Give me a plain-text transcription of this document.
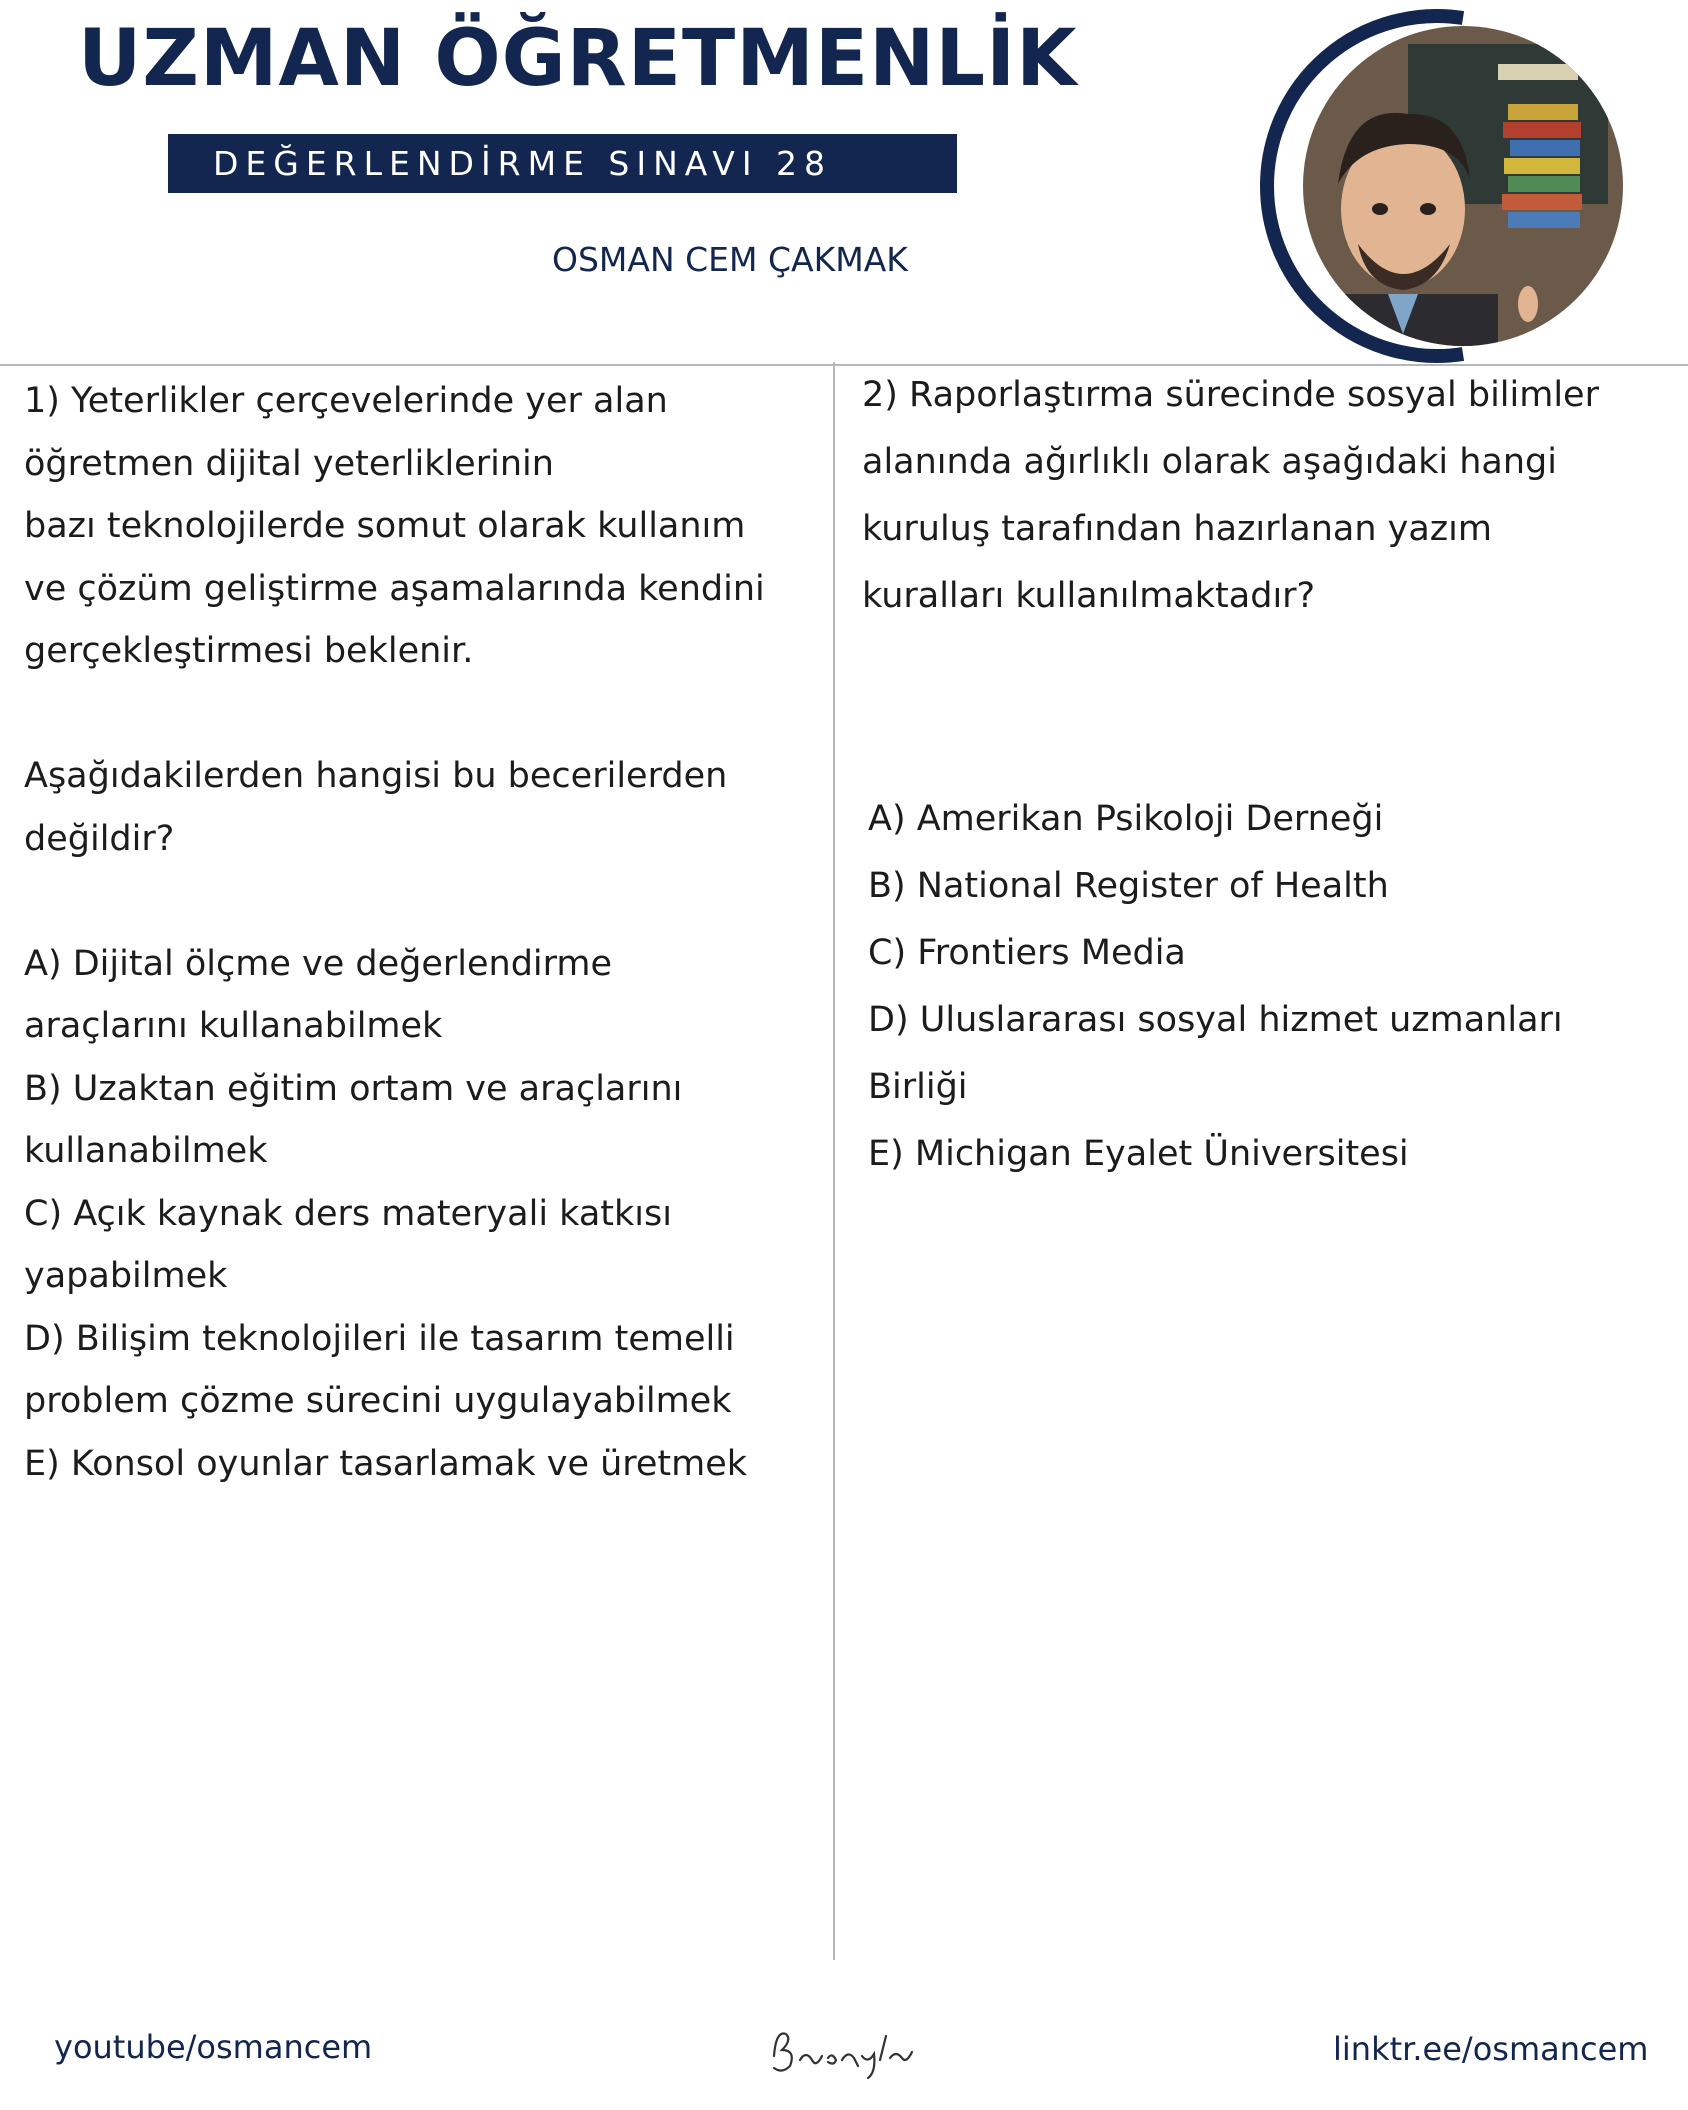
UZMAN ÖĞRETMENLİK
DEĞERLENDİRME SINAVI 28
OSMAN CEM ÇAKMAK

1) Yeterlikler çerçevelerinde yer alan

öğretmen dijital yeterliklerinin

bazı teknolojilerde somut olarak kullanım

ve çözüm geliştirme aşamalarında kendini

gerçekleştirmesi beklenir.

Aşağıdakilerden hangisi bu becerilerden

değildir?

A) Dijital ölçme ve değerlendirme

araçlarını kullanabilmek

B) Uzaktan eğitim ortam ve araçlarını

kullanabilmek

C) Açık kaynak ders materyali katkısı

yapabilmek

D) Bilişim teknolojileri ile tasarım temelli

problem çözme sürecini uygulayabilmek

E) Konsol oyunlar tasarlamak ve üretmek

2) Raporlaştırma sürecinde sosyal bilimler

alanında ağırlıklı olarak aşağıdaki hangi

kuruluş tarafından hazırlanan yazım

kuralları kullanılmaktadır?

A) Amerikan Psikoloji Derneği

B) National Register of Health

C) Frontiers Media

D) Uluslararası sosyal hizmet uzmanları

Birliği

E) Michigan Eyalet Üniversitesi

youtube/osmancem	linktr.ee/osmancem
